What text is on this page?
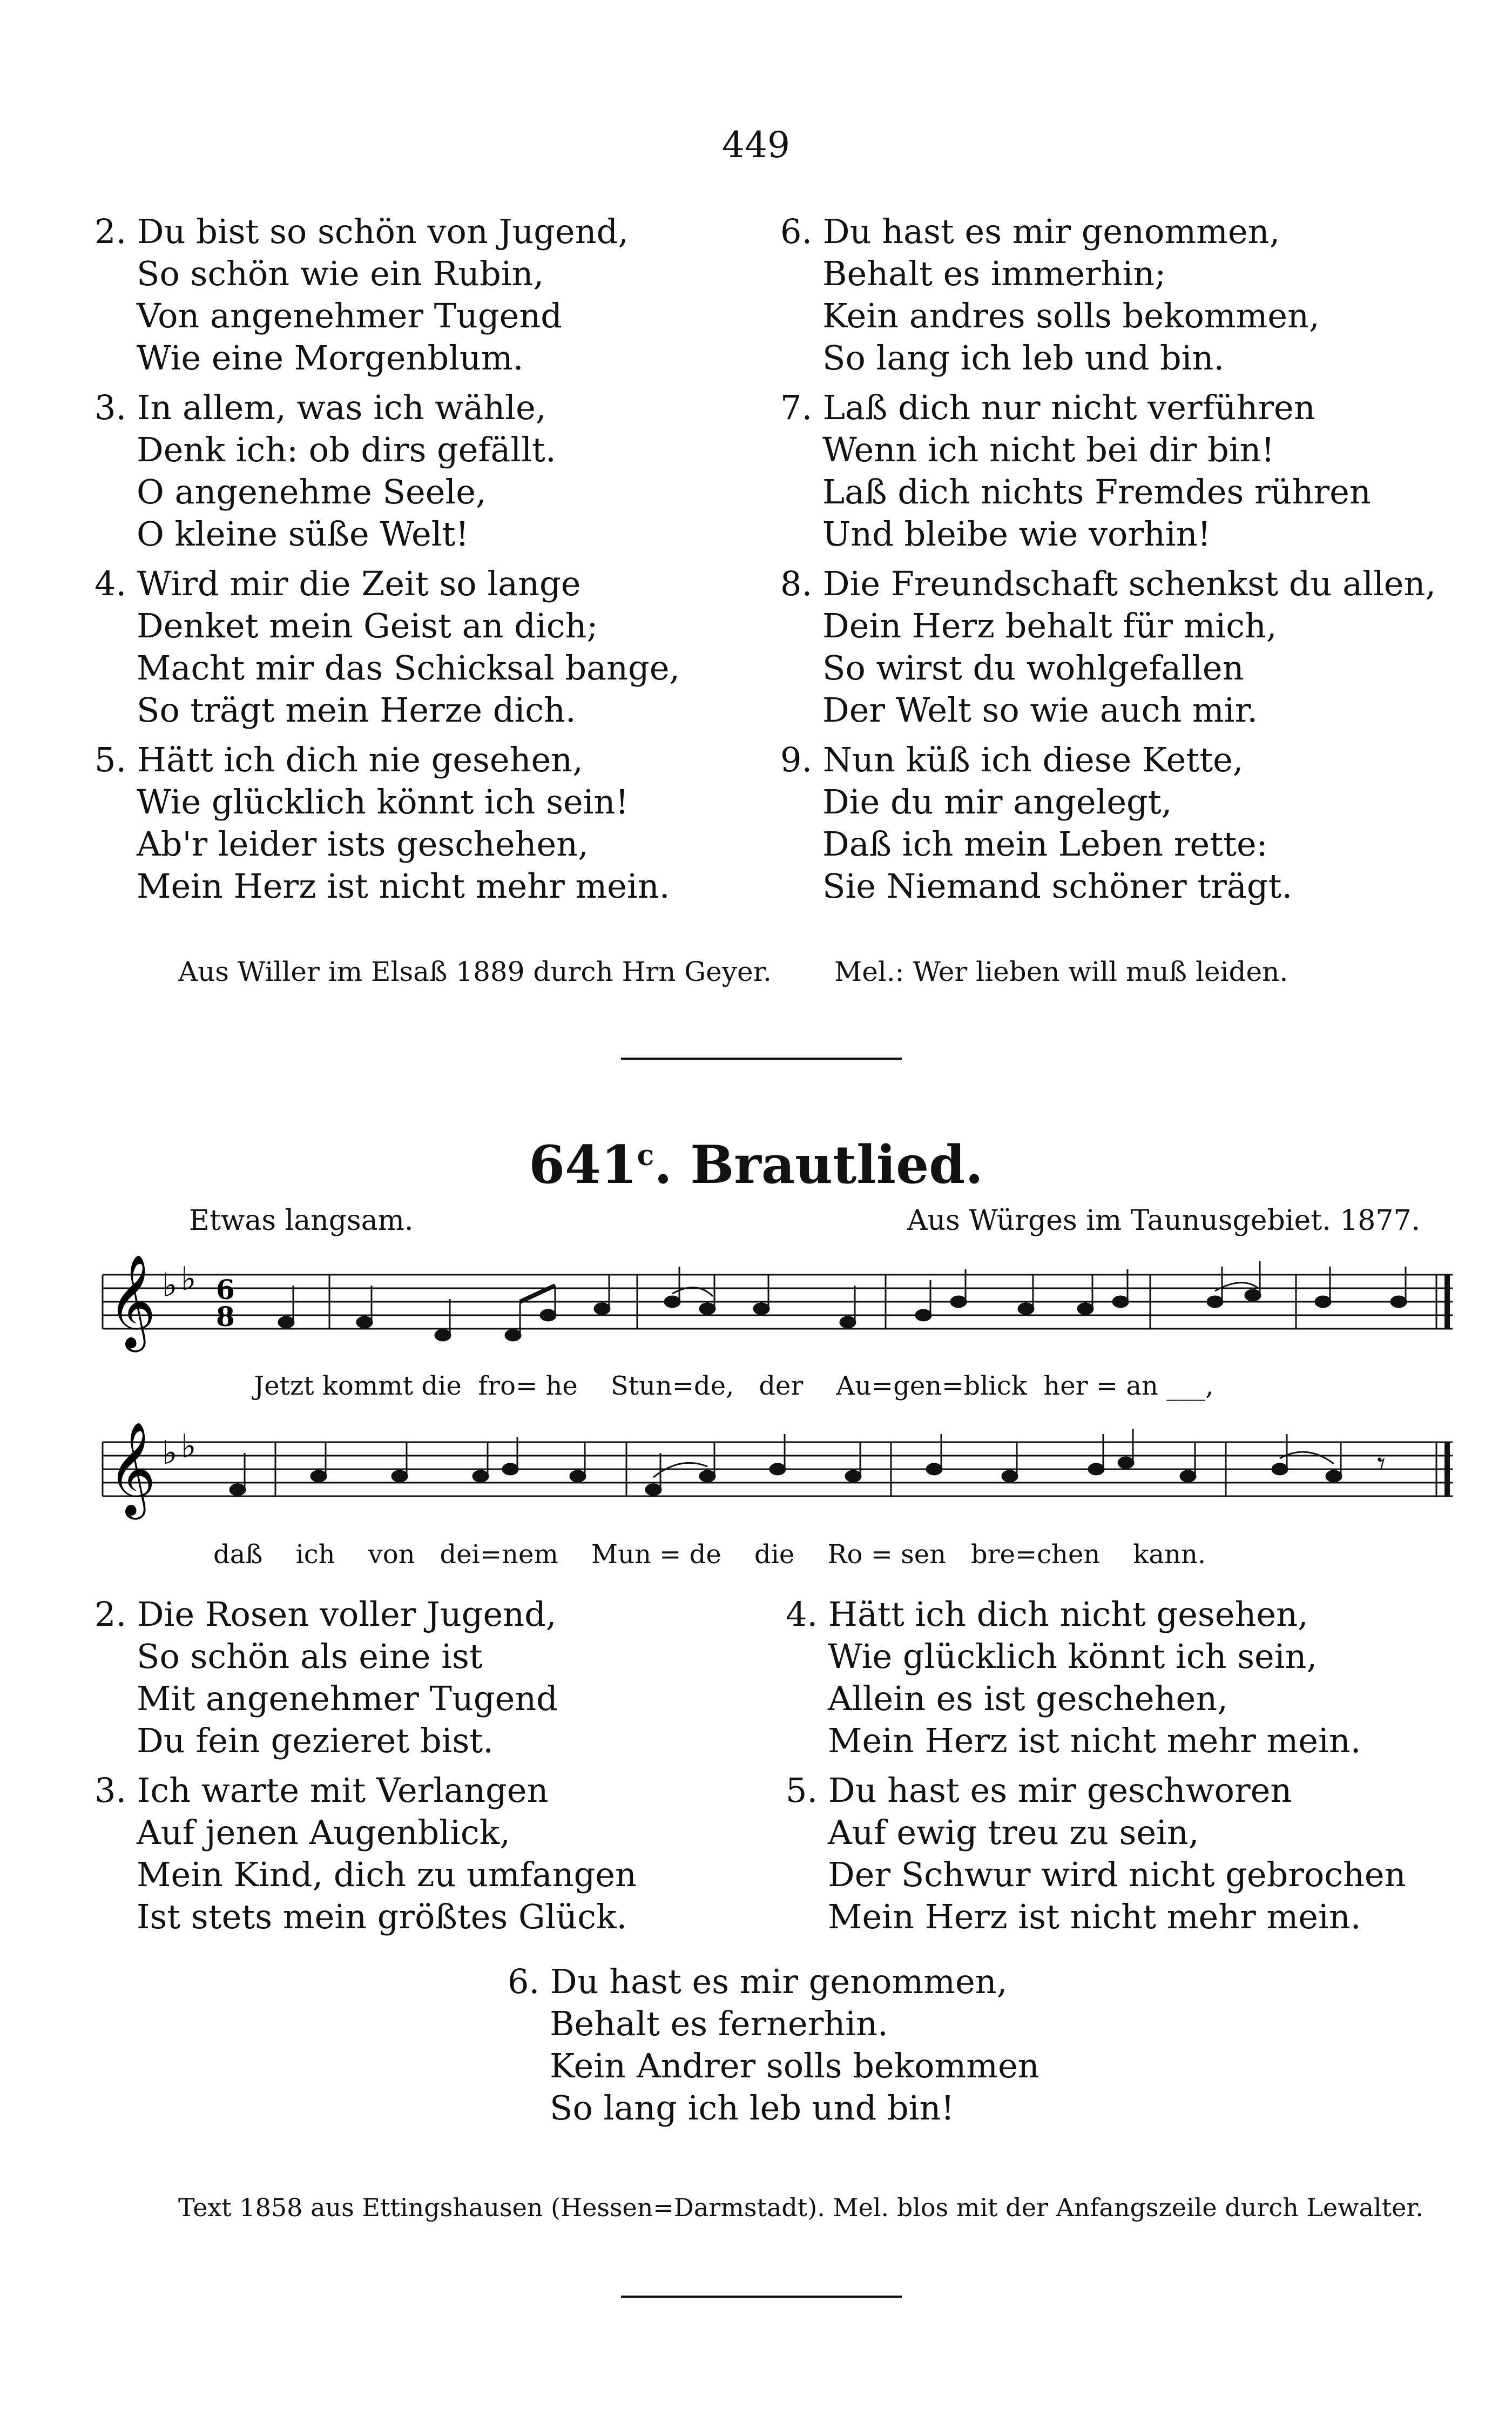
449
2. Du bist so schön von Jugend,
So schön wie ein Rubin,
Von angenehmer Tugend
Wie eine Morgenblum.
3. In allem, was ich wähle,
Denk ich: ob dirs gefällt.
O angenehme Seele,
O kleine süße Welt!
4. Wird mir die Zeit so lange
Denket mein Geist an dich;
Macht mir das Schicksal bange,
So trägt mein Herze dich.
5. Hätt ich dich nie gesehen,
Wie glücklich könnt ich sein!
Ab'r leider ists geschehen,
Mein Herz ist nicht mehr mein.
6. Du hast es mir genommen,
Behalt es immerhin;
Kein andres solls bekommen,
So lang ich leb und bin.
7. Laß dich nur nicht verführen
Wenn ich nicht bei dir bin!
Laß dich nichts Fremdes rühren
Und bleibe wie vorhin!
8. Die Freundschaft schenkst du allen,
Dein Herz behalt für mich,
So wirst du wohlgefallen
Der Welt so wie auch mir.
9. Nun küß ich diese Kette,
Die du mir angelegt,
Daß ich mein Leben rette:
Sie Niemand schöner trägt.
Aus Willer im Elsaß 1889 durch Hrn Geyer. Mel.: Wer lieben will muß leiden.
641$^c$. Brautlied.
Etwas langsam.	Aus Würges im Taunusgebiet. 1877.
𝄞 ♭ ♭ 6
8
Jetzt kommt die fro= he Stun=de, der Au=gen=blick her = an ___,
𝄞 ♭ ♭	𝄾
daß ich von dei=nem Mun = de die Ro = sen bre=chen kann.
2. Die Rosen voller Jugend,
So schön als eine ist
Mit angenehmer Tugend
Du fein gezieret bist.
3. Ich warte mit Verlangen
Auf jenen Augenblick,
Mein Kind, dich zu umfangen
Ist stets mein größtes Glück.
4. Hätt ich dich nicht gesehen,
Wie glücklich könnt ich sein,
Allein es ist geschehen,
Mein Herz ist nicht mehr mein.
5. Du hast es mir geschworen
Auf ewig treu zu sein,
Der Schwur wird nicht gebrochen
Mein Herz ist nicht mehr mein.
6. Du hast es mir genommen,
Behalt es fernerhin.
Kein Andrer solls bekommen
So lang ich leb und bin!
Text 1858 aus Ettingshausen (Hessen=Darmstadt). Mel. blos mit der Anfangszeile durch Lewalter.
